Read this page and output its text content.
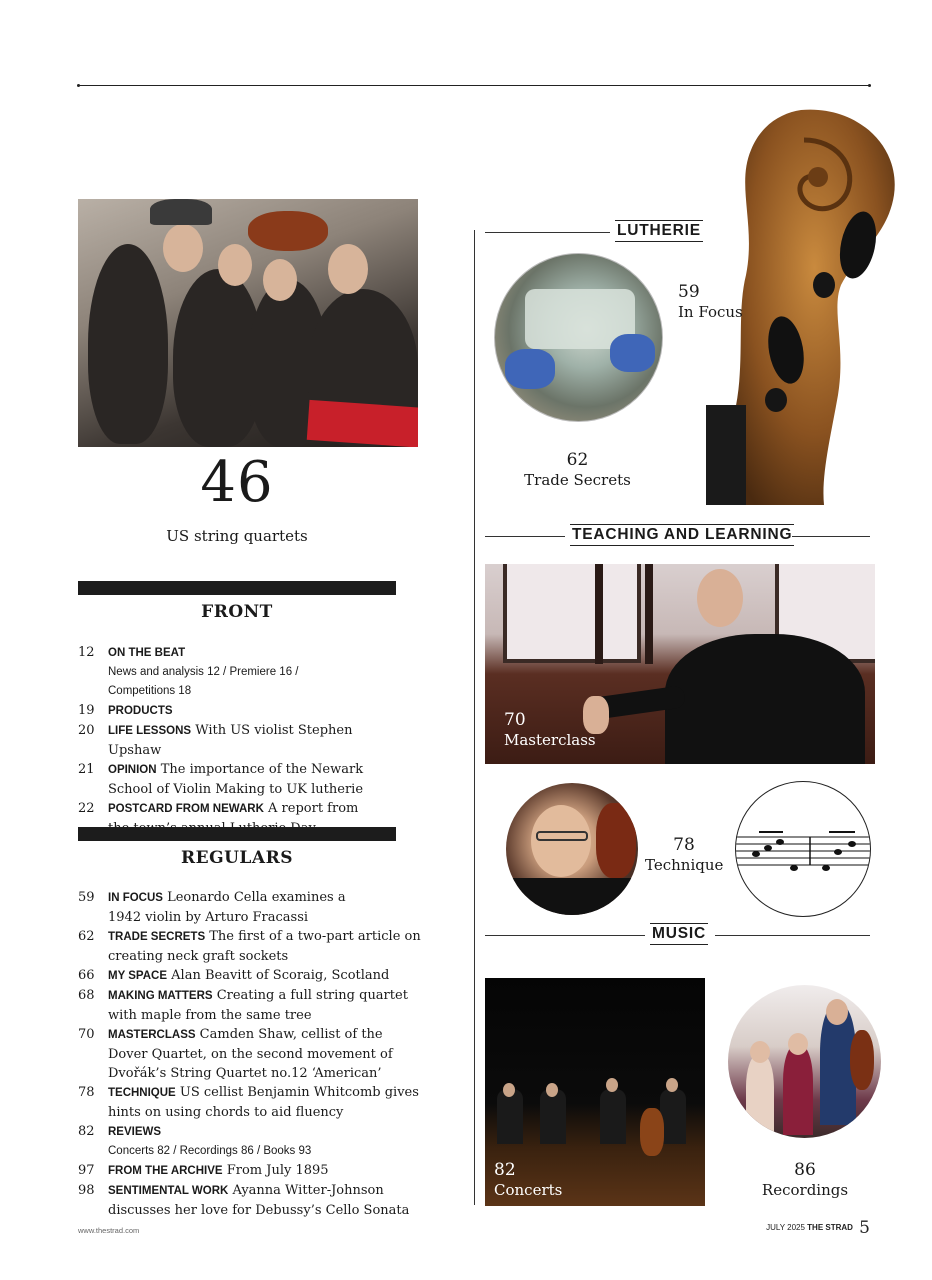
46
US string quartets
FRONT
12 ON THE BEAT
News and analysis 12 / Premiere 16 / Competitions 18
19 PRODUCTS
20 LIFE LESSONS With US violist Stephen Upshaw
21 OPINION The importance of the Newark School of Violin Making to UK lutherie
22 POSTCARD FROM NEWARK A report from
REGULARS
59 IN FOCUS Leonardo Cella examines a 1942 violin by Arturo Fracassi
62 TRADE SECRETS The first of a two-part article on creating neck graft sockets
66 MY SPACE Alan Beavitt of Scoraig, Scotland
68 MAKING MATTERS Creating a full string quartet with maple from the same tree
70 MASTERCLASS Camden Shaw, cellist of the Dover Quartet, on the second movement of Dvořák’s String Quartet no.12 ‘American’
78 TECHNIQUE US cellist Benjamin Whitcomb gives hints on using chords to aid fluency
82 REVIEWS
Concerts 82 / Recordings 86 / Books 93
97 FROM THE ARCHIVE From July 1895
98 SENTIMENTAL WORK Ayanna Witter-Johnson discusses her love for Debussy’s Cello Sonata
LUTHERIE
59
In Focus
62
Trade Secrets
TEACHING AND LEARNING
70
Masterclass
78
Technique
MUSIC
82
Concerts
86
Recordings
www.thestrad.com	JULY 2025 THE STRAD 5
